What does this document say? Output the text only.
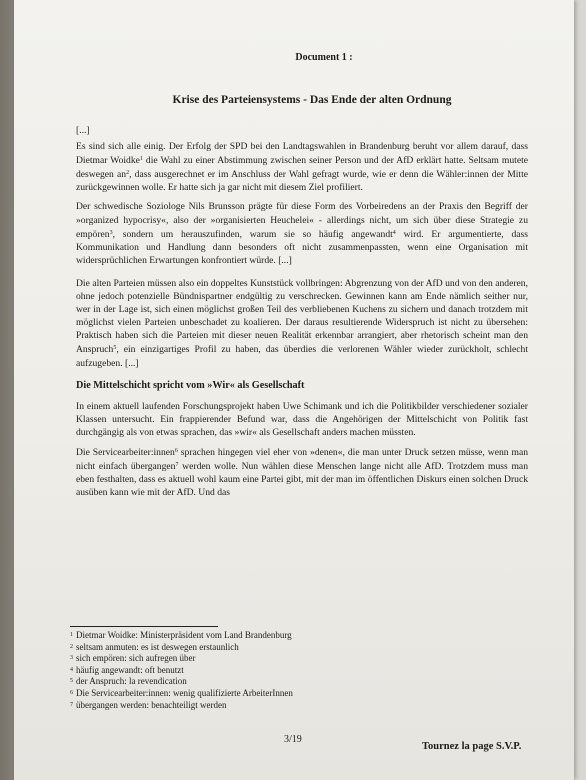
Document 1 :
Krise des Parteiensystems - Das Ende der alten Ordnung

[...]

Es sind sich alle einig. Der Erfolg der SPD bei den Landtagswahlen in Brandenburg beruht vor allem darauf, dass Dietmar Woidke$^1$ die Wahl zu einer Abstimmung zwischen seiner Person und der AfD erklärt hatte. Seltsam mutete deswegen an$^2$, dass ausgerechnet er im Anschluss der Wahl gefragt wurde, wie er denn die Wähler:innen der Mitte zurückgewinnen wolle. Er hatte sich ja gar nicht mit diesem Ziel profiliert.

Der schwedische Soziologe Nils Brunsson prägte für diese Form des Vorbeiredens an der Praxis den Begriff der »organized hypocrisy«, also der »organisierten Heuchelei« - allerdings nicht, um sich über diese Strategie zu empören$^3$, sondern um herauszufinden, warum sie so häufig angewandt$^4$ wird. Er argumentierte, dass Kommunikation und Handlung dann besonders oft nicht zusammenpassten, wenn eine Organisation mit widersprüchlichen Erwartungen konfrontiert würde. [...]

Die alten Parteien müssen also ein doppeltes Kunststück vollbringen: Abgrenzung von der AfD und von den anderen, ohne jedoch potenzielle Bündnispartner endgültig zu verschrecken. Gewinnen kann am Ende nämlich seither nur, wer in der Lage ist, sich einen möglichst großen Teil des verbliebenen Kuchens zu sichern und danach trotzdem mit möglichst vielen Parteien unbeschadet zu koalieren. Der daraus resultierende Widerspruch ist nicht zu übersehen: Praktisch haben sich die Parteien mit dieser neuen Realität erkennbar arrangiert, aber rhetorisch scheint man den Anspruch$^5$, ein einzigartiges Profil zu haben, das überdies die verlorenen Wähler wieder zurückholt, schlecht aufzugeben. [...]

Die Mittelschicht spricht vom »Wir« als Gesellschaft

In einem aktuell laufenden Forschungsprojekt haben Uwe Schimank und ich die Politikbilder verschiedener sozialer Klassen untersucht. Ein frappierender Befund war, dass die Angehörigen der Mittelschicht von Politik fast durchgängig als von etwas sprachen, das »wir« als Gesellschaft anders machen müssten.

Die Servicearbeiter:innen$^6$ sprachen hingegen viel eher von »denen«, die man unter Druck setzen müsse, wenn man nicht einfach übergangen$^7$ werden wolle. Nun wählen diese Menschen lange nicht alle AfD. Trotzdem muss man eben festhalten, dass es aktuell wohl kaum eine Partei gibt, mit der man im öffentlichen Diskurs einen solchen Druck ausüben kann wie mit der AfD. Und das

$^1$ Dietmar Woidke: Ministerpräsident vom Land Brandenburg
$^2$ seltsam anmuten: es ist deswegen erstaunlich
$^3$ sich empören: sich aufregen über
$^4$ häufig angewandt: oft benutzt
$^5$ der Anspruch: la revendication
$^6$ Die Servicearbeiter:innen: wenig qualifizierte ArbeiterInnen
$^7$ übergangen werden: benachteiligt werden
3/19
Tournez la page S.V.P.
